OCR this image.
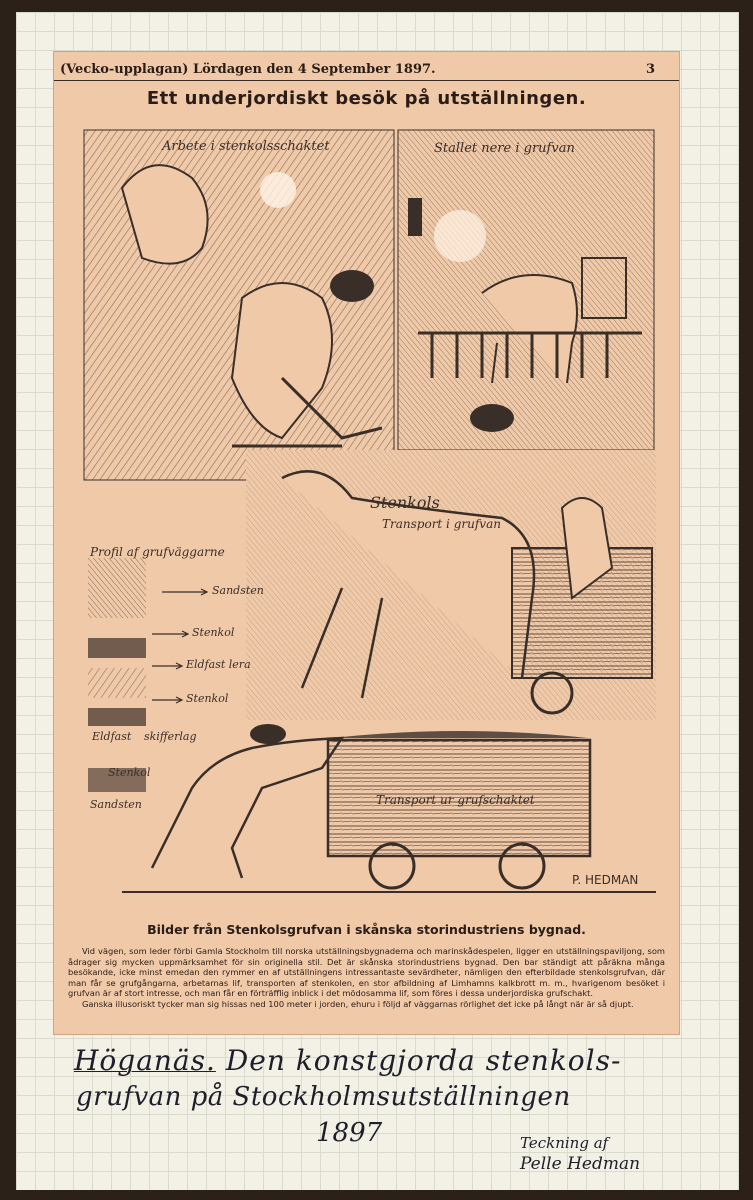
(Vecko-upplagan) Lördagen den 4 September 1897.	3
Ett underjordiskt besök på utställningen.
Arbete i stenkolsschaktet	Stallet nere i grufvan
Stenkols
Transport i grufvan
Profil af grufväggarne
Sandsten
Stenkol
Eldfast lera
Stenkol
Eldfast skifferlag
Stenkol
Sandsten	Transport ur grufschaktet
P. HEDMAN
Bilder från Stenkolsgrufvan i skånska storindustriens bygnad.

Vid vägen, som leder förbi Gamla Stockholm till norska utställningsbygnaderna och marinskådespelen, ligger en utställningspaviljong, som ådrager sig mycken uppmärksamhet för sin originella stil. Det är skånska storindustriens bygnad. Den bar ständigt att påräkna många besökande, icke minst emedan den rymmer en af utställningens intressantaste sevärdheter, nämligen den efterbildade stenkolsgrufvan, där man får se grufgångarna, arbetarnas lif, transporten af stenkolen, en stor afbildning af Limhamns kalkbrott m. m., hvarigenom besöket i grufvan är af stort intresse, och man får en förträfflig inblick i det mödosamma lif, som föres i dessa underjordiska grufschakt.

Ganska illusoriskt tycker man sig hissas ned 100 meter i jorden, ehuru i följd af väggarnas rörlighet det icke på långt när är så djupt.

Höganäs. Den konstgjorda stenkols-
grufvan på Stockholmsutställningen
1897	Teckning af
Pelle Hedman
